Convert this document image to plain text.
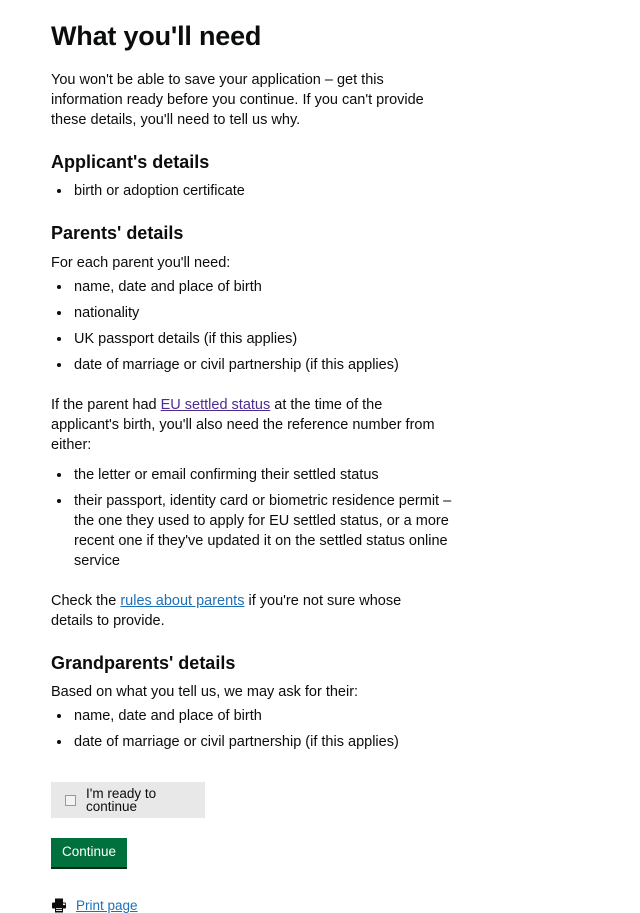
What you'll need

You won't be able to save your application – get this information ready before you continue. If you can't provide these details, you'll need to tell us why.

Applicant's details
• birth or adoption certificate
Parents' details

For each parent you'll need:

• name, date and place of birth
• nationality
• UK passport details (if this applies)
• date of marriage or civil partnership (if this applies)

If the parent had EU settled status at the time of the applicant's birth, you'll also need the reference number from either:

• the letter or email confirming their settled status
• their passport, identity card or biometric residence permit – the one they used to apply for EU settled status, or a more recent one if they've updated it on the settled status online service

Check the rules about parents if you're not sure whose details to provide.

Grandparents' details

Based on what you tell us, we may ask for their:

• name, date and place of birth
• date of marriage or civil partnership (if this applies)
I'm ready to continue
Continue
Print page
